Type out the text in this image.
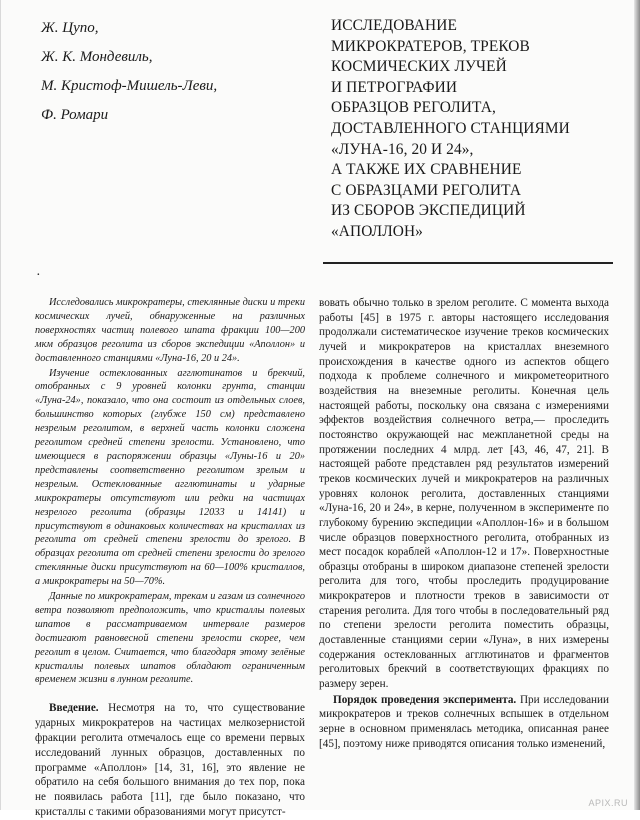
Ж. Цупо,
Ж. К. Мондевиль,
М. Кристоф-Мишель-Леви,
Ф. Ромари
ИССЛЕДОВАНИЕ
МИКРОКРАТЕРОВ, ТРЕКОВ
КОСМИЧЕСКИХ ЛУЧЕЙ
И ПЕТРОГРАФИИ
ОБРАЗЦОВ РЕГОЛИТА,
ДОСТАВЛЕННОГО СТАНЦИЯМИ
«ЛУНА-16, 20 И 24»,
А ТАКЖЕ ИХ СРАВНЕНИЕ
С ОБРАЗЦАМИ РЕГОЛИТА
ИЗ СБОРОВ ЭКСПЕДИЦИЙ
«АПОЛЛОН»
·

Исследовались микрократеры, стеклянные диски и треки космических лучей, обнаруженные на различных поверхностях частиц полевого шпата фракции 100—200 мкм образцов реголита из сборов экспедиции «Аполлон» и доставленного станциями «Луна-16, 20 и 24».

Изучение остеклованных агглютинатов и брекчий, отобранных с 9 уровней колонки грунта, станции «Луна-24», показало, что она состоит из отдельных слоев, большинство которых (глубже 150 см) представлено незрелым реголитом, в верхней часть колонки сложена реголитом средней степени зрелости. Установлено, что имеющиеся в распоряжении образцы «Луны-16 и 20» представлены соответственно реголитом зрелым и незрелым. Остеклованные агглютинаты и ударные микрократеры отсутствуют или редки на частицах незрелого реголита (образцы 12033 и 14141) и присутствуют в одинаковых количествах на кристаллах из реголита от средней степени зрелости до зрелого. В образцах реголита от средней степени зрелости до зрелого стеклянные диски присутствуют на 60—100% кристаллов, а микрократеры на 50—70%.

Данные по микрократерам, трекам и газам из солнечного ветра позволяют предположить, что кристаллы полевых шпатов в рассматриваемом интервале размеров достигают равновесной степени зрелости скорее, чем реголит в целом. Считается, что благодаря этому зелёные кристаллы полевых шпатов обладают ограниченным временем жизни в лунном реголите.

Введение. Несмотря на то, что существование ударных микрократеров на частицах мелкозернистой фракции реголита отмечалось еще со времени первых исследований лунных образцов, доставленных по программе «Аполлон» [14, 31, 16], это явление не обратило на себя большого внимания до тех пор, пока не появилась работа [11], где было показано, что кристаллы с такими образованиями могут присутст-

вовать обычно только в зрелом реголите. С момента выхода работы [45] в 1975 г. авторы настоящего исследования продолжали систематическое изучение треков космических лучей и микрократеров на кристаллах внеземного происхождения в качестве одного из аспектов общего подхода к проблеме солнечного и микрометеоритного воздействия на внеземные реголиты. Конечная цель настоящей работы, поскольку она связана с измерениями эффектов воздействия солнечного ветра,— проследить постоянство окружающей нас межпланетной среды на протяжении последних 4 млрд. лет [43, 46, 47, 21]. В настоящей работе представлен ряд результатов измерений треков космических лучей и микрократеров на различных уровнях колонок реголита, доставленных станциями «Луна-16, 20 и 24», в керне, полученном в эксперименте по глубокому бурению экспедиции «Аполлон-16» и в большом числе образцов поверхностного реголита, отобранных из мест посадок кораблей «Аполлон-12 и 17». Поверхностные образцы отобраны в широком диапазоне степеней зрелости реголита для того, чтобы проследить продуцирование микрократеров и плотности треков в зависимости от старения реголита. Для того чтобы в последовательный ряд по степени зрелости реголита поместить образцы, доставленные станциями серии «Луна», в них измерены содержания остеклованных агглютинатов и фрагментов реголитовых брекчий в соответствующих фракциях по размеру зерен.

Порядок проведения эксперимента. При исследовании микрократеров и треков солнечных вспышек в отдельном зерне в основном применялась методика, описанная ранее [45], поэтому ниже приводятся описания только изменений,

APIX.RU
